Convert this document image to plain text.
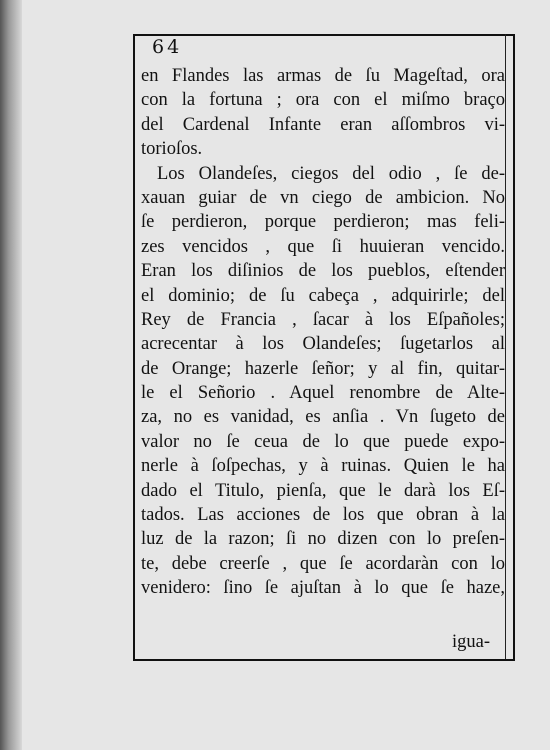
64
en Flandes las armas de ſu Mageſtad, ora
con la fortuna ; ora con el miſmo braço
del Cardenal Infante eran aſſombros vi-
torioſos.
Los Olandeſes, ciegos del odio , ſe de-
xauan guiar de vn ciego de ambicion. No
ſe perdieron, porque perdieron; mas feli-
zes vencidos , que ſi huuieran vencido.
Eran los diſinios de los pueblos, eſtender
el dominio; de ſu cabeça , adquirirle; del
Rey de Francia , ſacar à los Eſpañoles;
acrecentar à los Olandeſes; ſugetarlos al
de Orange; hazerle ſeñor; y al fin, quitar-
le el Señorio . Aquel renombre de Alte-
za, no es vanidad, es anſia . Vn ſugeto de
valor no ſe ceua de lo que puede expo-
nerle à ſoſpechas, y à ruinas. Quien le ha
dado el Titulo, pienſa, que le darà los Eſ-
tados. Las acciones de los que obran à la
luz de la razon; ſi no dizen con lo preſen-
te, debe creerſe , que ſe acordaràn con lo
venidero: ſino ſe ajuſtan à lo que ſe haze,
igua-
